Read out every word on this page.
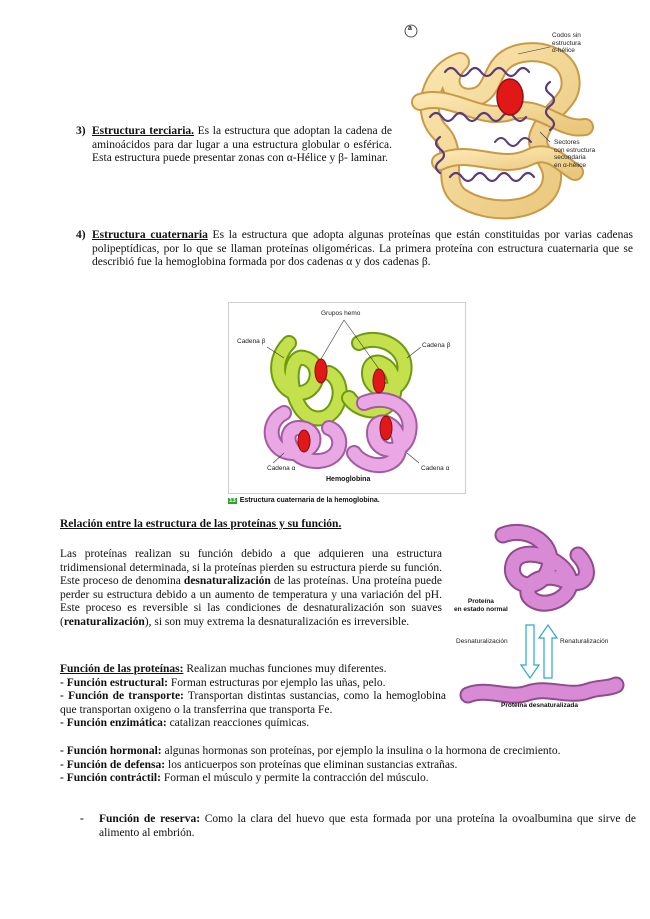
3) Estructura terciaria. Es la estructura que adoptan la cadena de aminoácidos para dar lugar a una estructura globular o esférica. Esta estructura puede presentar zonas con α-Hélice y β- laminar.
a
Codos sin estructura
α-hélice
Sectores
con estructura secundaria
en α-hélice
4) Estructura cuaternaria Es la estructura que adopta algunas proteínas que están constituidas por varias cadenas polipeptídicas, por lo que se llaman proteínas oligoméricas. La primera proteína con estructura cuaternaria que se describió fue la hemoglobina formada por dos cadenas α y dos cadenas β.
Grupos hemo
Cadena β
Cadena β
Cadena α	Cadena α
Hemoglobina
13 Estructura cuaternaria de la hemoglobina.
Relación entre la estructura de las proteínas y su función.
Las proteínas realizan su función debido a que adquieren una estructura tridimensional determinada, si la proteínas pierden su estructura pierde su función. Este proceso de denomina desnaturalización de las proteínas. Una proteína puede perder su estructura debido a un aumento de temperatura y una variación del pH. Este proceso es reversible si las condiciones de desnaturalización son suaves (renaturalización), si son muy extrema la desnaturalización es irreversible.
Proteína
en estado normal
Desnaturalización	Renaturalización
Proteína desnaturalizada
Función de las proteínas: Realizan muchas funciones muy diferentes.
- Función estructural: Forman estructuras por ejemplo las uñas, pelo.
- Función de transporte: Transportan distintas sustancias, como la hemoglobina que transportan oxigeno o la transferrina que transporta Fe.
- Función enzimática: catalizan reacciones químicas.
- Función hormonal: algunas hormonas son proteínas, por ejemplo la insulina o la hormona de crecimiento.
- Función de defensa: los anticuerpos son proteínas que eliminan sustancias extrañas.
- Función contráctil: Forman el músculo y permite la contracción del músculo.
- Función de reserva: Como la clara del huevo que esta formada por una proteína la ovoalbumina que sirve de alimento al embrión.
